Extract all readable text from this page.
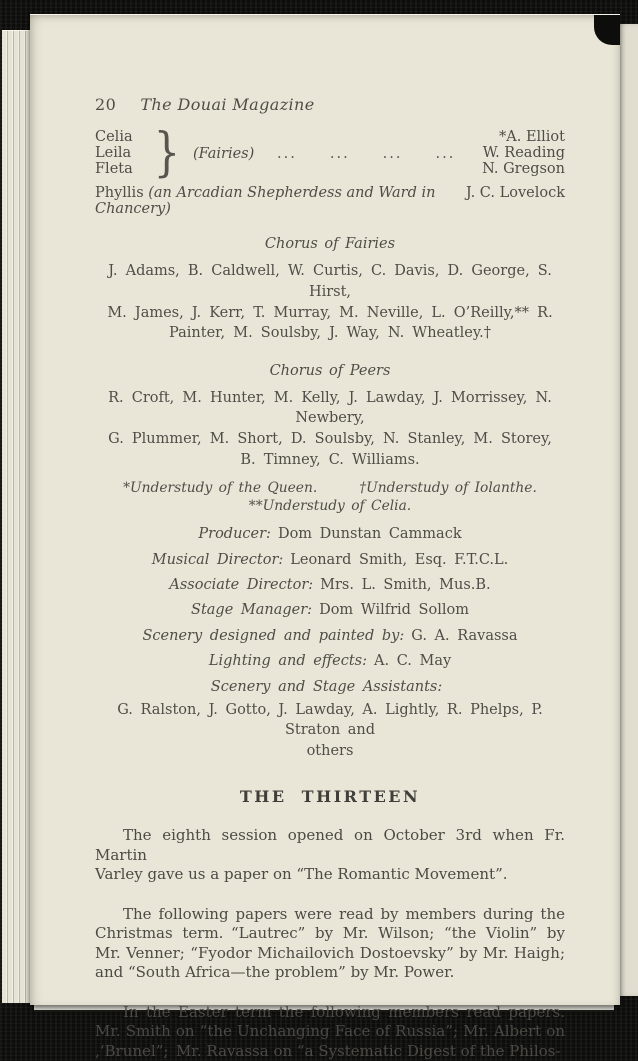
20 The Douai Magazine
Celia
Leila
Fleta } (Fairies)	...  ...  ...  ...
*A. Elliot
W. Reading
N. Gregson
Phyllis (an Arcadian Shepherdess and Ward in Chancery)
J. C. Lovelock
Chorus of Fairies
J. Adams, B. Caldwell, W. Curtis, C. Davis, D. George, S. Hirst,
M. James, J. Kerr, T. Murray, M. Neville, L. O’Reilly,** R.
Painter, M. Soulsby, J. Way, N. Wheatley.†
Chorus of Peers
R. Croft, M. Hunter, M. Kelly, J. Lawday, J. Morrissey, N. Newbery,
G. Plummer, M. Short, D. Soulsby, N. Stanley, M. Storey,
B. Timney, C. Williams.
*Understudy of the Queen.	†Understudy of Iolanthe.
**Understudy of Celia.
Producer: Dom Dunstan Cammack
Musical Director: Leonard Smith, Esq. F.T.C.L.
Associate Director: Mrs. L. Smith, Mus.B.
Stage Manager: Dom Wilfrid Sollom
Scenery designed and painted by: G. A. Ravassa
Lighting and effects: A. C. May
Scenery and Stage Assistants:
G. Ralston, J. Gotto, J. Lawday, A. Lightly, R. Phelps, P. Straton and
others
THE THIRTEEN
The eighth session opened on October 3rd when Fr. Martin
Varley gave us a paper on “The Romantic Movement”.
The following papers were read by members during the
Christmas term. “Lautrec” by Mr. Wilson; “the Violin” by
Mr. Venner; “Fyodor Michailovich Dostoevsky” by Mr. Haigh;
and “South Africa—the problem” by Mr. Power.
In the Easter term the following members read papers.
Mr. Smith on “the Unchanging Face of Russia”; Mr. Albert on
‚‘Brunel”; Mr. Ravassa on “a Systematic Digest of the Philos-
